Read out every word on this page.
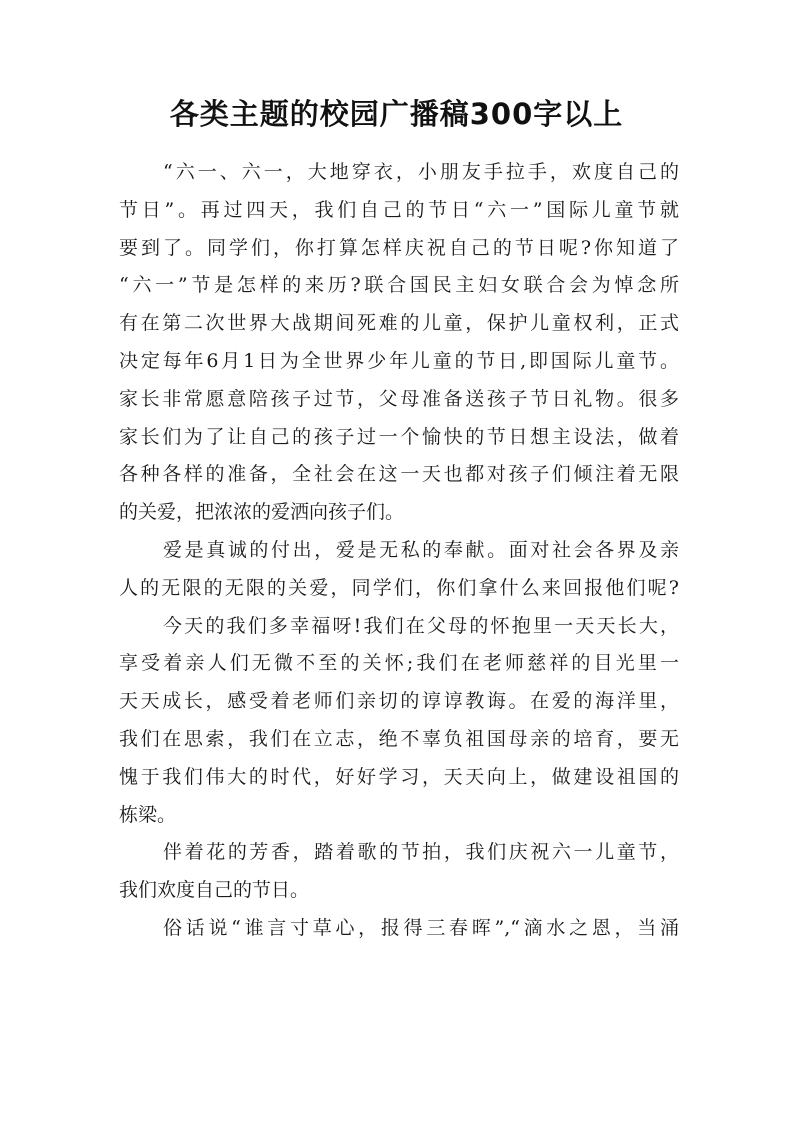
各类主题的校园广播稿300字以上
“六一、六一，大地穿衣，小朋友手拉手，欢度自己的
节日”。再过四天，我们自己的节日“六一”国际儿童节就
要到了。同学们，你打算怎样庆祝自己的节日呢?你知道了
“六一”节是怎样的来历?联合国民主妇女联合会为悼念所
有在第二次世界大战期间死难的儿童，保护儿童权利，正式
决定每年6月1日为全世界少年儿童的节日,即国际儿童节。
家长非常愿意陪孩子过节，父母准备送孩子节日礼物。很多
家长们为了让自己的孩子过一个愉快的节日想主设法，做着
各种各样的准备，全社会在这一天也都对孩子们倾注着无限
的关爱，把浓浓的爱洒向孩子们。
爱是真诚的付出，爱是无私的奉献。面对社会各界及亲
人的无限的无限的关爱，同学们，你们拿什么来回报他们呢?
今天的我们多幸福呀!我们在父母的怀抱里一天天长大，
享受着亲人们无微不至的关怀;我们在老师慈祥的目光里一
天天成长，感受着老师们亲切的谆谆教诲。在爱的海洋里，
我们在思索，我们在立志，绝不辜负祖国母亲的培育，要无
愧于我们伟大的时代，好好学习，天天向上，做建设祖国的
栋梁。
伴着花的芳香，踏着歌的节拍，我们庆祝六一儿童节，
我们欢度自己的节日。
俗话说“谁言寸草心，报得三春晖”,“滴水之恩，当涌
